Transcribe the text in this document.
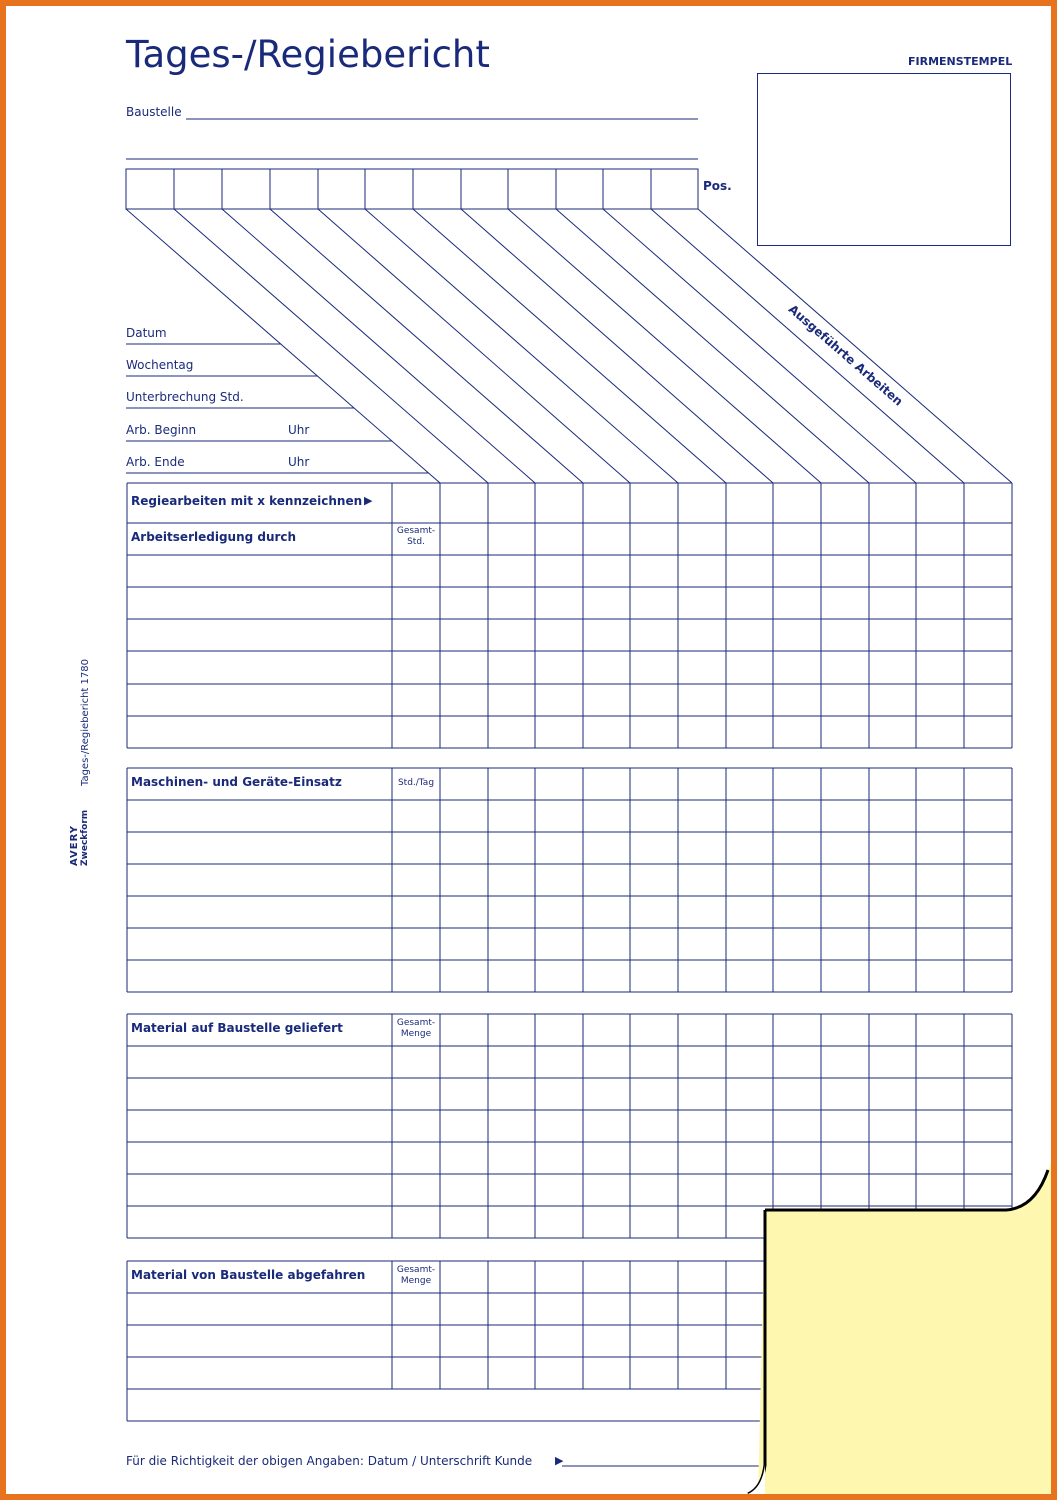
Tages-/Regiebericht	FIRMENSTEMPEL
Baustelle
Pos.
Ausgeführte Arbeiten
Datum
Wochentag
Unterbrechung Std.
Arb. Beginn
Arb. Ende
Uhr
Uhr
Regiearbeiten mit x kennzeichnen ▶
Arbeitserledigung durch	Gesamt-
Std.
Maschinen- und Geräte-Einsatz	Std./Tag
Material auf Baustelle geliefert	Gesamt-
Menge
Material von Baustelle abgefahren	Gesamt-
Menge
Tages-/Regiebericht 1780
AVERY Zweckform
Für die Richtigkeit der obigen Angaben: Datum / Unterschrift Kunde ▶
